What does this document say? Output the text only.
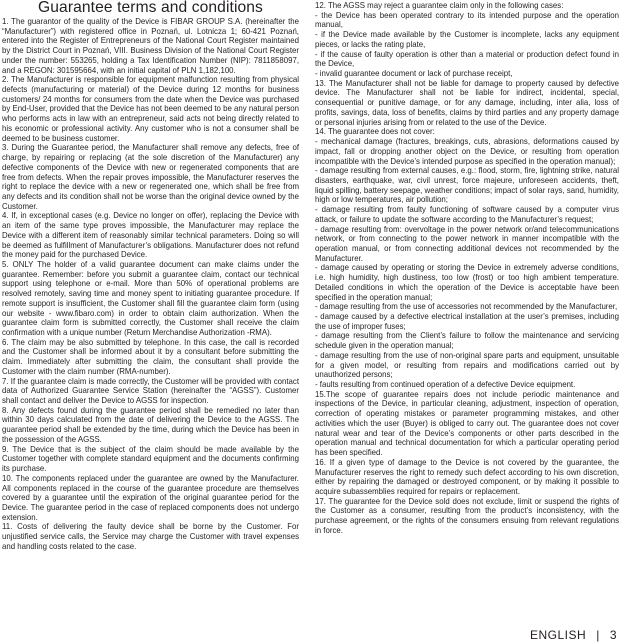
Guarantee terms and conditions

1. The guarantor of the quality of the Device is FIBAR GROUP S.A. (hereinafter the “Manufacturer”) with registered office in Poznań, ul. Lotnicza 1; 60-421 Poznań, entered into the Register of Entrepreneurs of the National Court Register maintained by the District Court in Poznań, VIII. Business Division of the National Court Register under the number: 553265, holding a Tax Identification Number (NIP): 7811858097, and a REGON: 301595664, with an initial capital of PLN 1,182,100.

2. The Manufacturer is responsible for equipment malfunction resulting from physical defects (manufacturing or material) of the Device during 12 months for business customers/ 24 months for consumers from the date when the Device was purchased by End-User, provided that the Device has not been deemed to be any natural person who performs acts in law with an entrepreneur, said acts not being directly related to his economic or professional activity. Any customer who is not a consumer shall be deemed to be business customer.

3. During the Guarantee period, the Manufacturer shall remove any defects, free of charge, by repairing or replacing (at the sole discretion of the Manufacturer) any defective components of the Device with new or regenerated components that are free from defects. When the repair proves impossible, the Manufacturer reserves the right to replace the device with a new or regenerated one, which shall be free from any defects and its condition shall not be worse than the original device owned by the Customer.

4. If, in exceptional cases (e.g. Device no longer on offer), replacing the Device with an item of the same type proves impossible, the Manufacturer may replace the Device with a different item of reasonably similar technical parameters. Doing so will be deemed as fulfillment of Manufacturer’s obligations. Manufacturer does not refund the money paid for the purchased Device.

5. ONLY The holder of a valid guarantee document can make claims under the guarantee. Remember: before you submit a guarantee claim, contact our technical support using telephone or e-mail. More than 50% of operational problems are resolved remotely, saving time and money spent to initiating guarantee procedure. If remote support is insufficient, the Customer shall fill the guarantee claim form (using our website - www.fibaro.com) in order to obtain claim authorization. When the guarantee claim form is submitted correctly, the Customer shall receive the claim confirmation with a unique number (Return Merchandise Authorization -RMA).

6. The claim may be also submitted by telephone. In this case, the call is recorded and the Customer shall be informed about it by a consultant before submitting the claim. Immediately after submitting the claim, the consultant shall provide the Customer with the claim number (RMA-number).

7. If the guarantee claim is made correctly, the Customer will be provided with contact data of Authorized Guarantee Service Station (hereinafter the “AGSS”). Customer shall contact and deliver the Device to AGSS for inspection.

8. Any defects found during the guarantee period shall be remedied no later than within 30 days calculated from the date of delivering the Device to the AGSS. The guarantee period shall be extended by the time, during which the Device has been in the possession of the AGSS.

9. The Device that is the subject of the claim should be made available by the Customer together with complete standard equipment and the documents confirming its purchase.

10. The components replaced under the guarantee are owned by the Manufacturer. All components replaced in the course of the guarantee procedure are themselves covered by a guarantee until the expiration of the original guarantee period for the Device. The guarantee period in the case of replaced components does not undergo extension.

11. Costs of delivering the faulty device shall be borne by the Customer. For unjustified service calls, the Service may charge the Customer with travel expenses and handling costs related to the case.

12. The AGSS may reject a guarantee claim only in the following cases:

- the Device has been operated contrary to its intended purpose and the operation manual,

- if the Device made available by the Customer is incomplete, lacks any equipment pieces, or lacks the rating plate,

- if the cause of faulty operation is other than a material or production defect found in the Device,

- invalid guarantee document or lack of purchase receipt,

13. The Manufacturer shall not be liable for damage to property caused by defective device. The Manufacturer shall not be liable for indirect, incidental, special, consequential or punitive damage, or for any damage, including, inter alia, loss of profits, savings, data, loss of benefits, claims by third parties and any property damage or personal injuries arising from or related to the use of the Device.

14. The guarantee does not cover:

- mechanical damage (fractures, breakings, cuts, abrasions, deformations caused by impact, fall or dropping another object on the Device, or resulting from operation incompatible with the Device’s intended purpose as specified in the operation manual);

- damage resulting from external causes, e.g.: flood, storm, fire, lightning strike, natural disasters, earthquake, war, civil unrest, force majeure, unforeseen accidents, theft, liquid spilling, battery seepage, weather conditions; impact of solar rays, sand, humidity, high or low temperatures, air pollution;

- damage resulting from faulty functioning of software caused by a computer virus attack, or failure to update the software according to the Manufacturer’s request;

- damage resulting from: overvoltage in the power network or/and telecommunications network, or from connecting to the power network in manner incompatible with the operation manual, or from connecting additional devices not recommended by the Manufacturer.

- damage caused by operating or storing the Device in extremely adverse conditions, i.e. high humidity, high dustiness, too low (frost) or too high ambient temperature. Detailed conditions in which the operation of the Device is acceptable have been specified in the operation manual;

- damage resulting from the use of accessories not recommended by the Manufacturer,

- damage caused by a defective electrical installation at the user’s premises, including the use of improper fuses;

- damage resulting from the Client’s failure to follow the maintenance and servicing schedule given in the operation manual;

- damage resulting from the use of non-original spare parts and equipment, unsuitable for a given model, or resulting from repairs and modifications carried out by unauthorized persons;

- faults resulting from continued operation of a defective Device equipment.

15.The scope of guarantee repairs does not include periodic maintenance and inspections of the Device, in particular cleaning, adjustment, inspection of operation, correction of operating mistakes or parameter programming mistakes, and other activities which the user (Buyer) is obliged to carry out. The guarantee does not cover natural wear and tear of the Device’s components or other parts described in the operation manual and technical documentation for which a particular operating period has been specified.

16. If a given type of damage to the Device is not covered by the guarantee, the Manufacturer reserves the right to remedy such defect according to his own discretion, either by repairing the damaged or destroyed component, or by making it possible to acquire subassemblies required for repairs or replacement.

17. The guarantee for the Device sold does not exclude, limit or suspend the rights of the Customer as a consumer, resulting from the product’s inconsistency, with the purchase agreement, or the rights of the consumers ensuing from relevant regulations in force.

ENGLISH | 3
